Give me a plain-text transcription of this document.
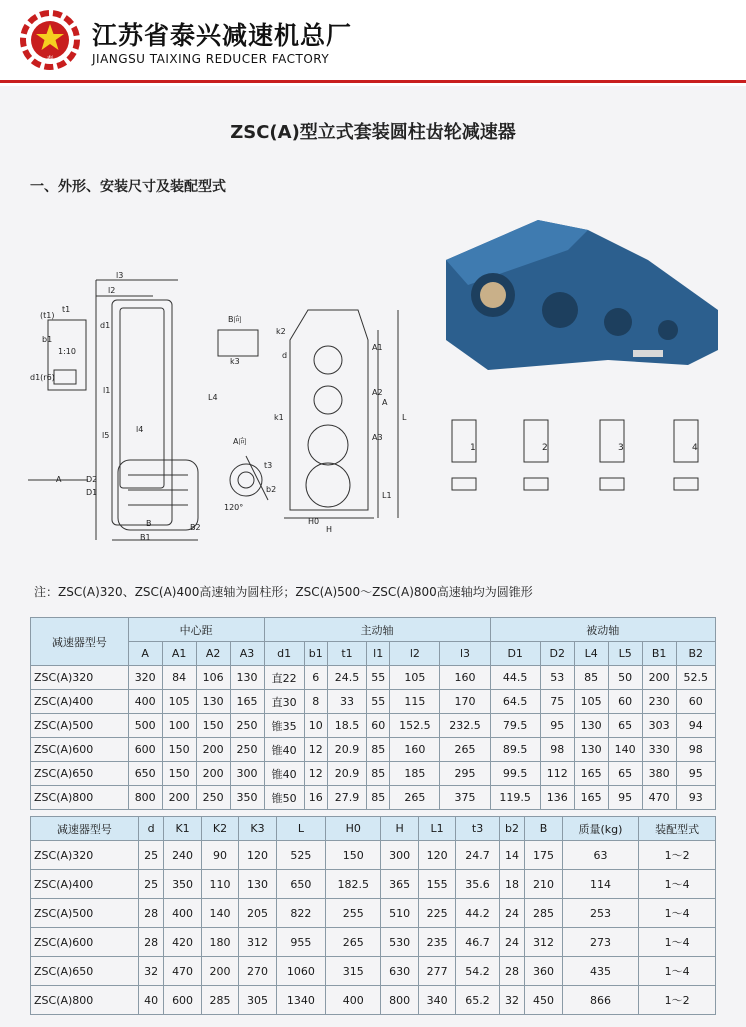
泰
江苏省泰兴减速机总厂
JIANGSU TAIXING REDUCER FACTORY
ZSC(A)型立式套装圆柱齿轮减速器
一、外形、安装尺寸及装配型式
l3
l2
l1
t1
(t1)
b1
d1
d1(r6)
1:10
l5
l4
D2
D1
B
B1
B2
A
B向
k3
A向
120°
k2
k1
d
A1
A2
A3
A
L
L1
H
H0
1	2	3	4
L4
t3
b2
注：ZSC(A)320、ZSC(A)400高速轴为圆柱形；ZSC(A)500～ZSC(A)800高速轴均为圆锥形
减速器型号	中心距				主动轴						被动轴					
	A	A1	A2	A3	d1	b1	t1	l1	l2	l3	D1	D2	L4	L5	B1	B2
ZSC(A)320	320	84	106	130	直22	6	24.5	55	105	160	44.5	53	85	50	200	52.5
ZSC(A)400	400	105	130	165	直30	8	33	55	115	170	64.5	75	105	60	230	60
ZSC(A)500	500	100	150	250	锥35	10	18.5	60	152.5	232.5	79.5	95	130	65	303	94
ZSC(A)600	600	150	200	250	锥40	12	20.9	85	160	265	89.5	98	130	140	330	98
ZSC(A)650	650	150	200	300	锥40	12	20.9	85	185	295	99.5	112	165	65	380	95
ZSC(A)800	800	200	250	350	锥50	16	27.9	85	265	375	119.5	136	165	95	470	93
减速器型号	d	K1	K2	K3	L	H0	H	L1	t3	b2	B	质量(kg)	装配型式
ZSC(A)320	25	240	90	120	525	150	300	120	24.7	14	175	63	1～2
ZSC(A)400	25	350	110	130	650	182.5	365	155	35.6	18	210	114	1～4
ZSC(A)500	28	400	140	205	822	255	510	225	44.2	24	285	253	1～4
ZSC(A)600	28	420	180	312	955	265	530	235	46.7	24	312	273	1～4
ZSC(A)650	32	470	200	270	1060	315	630	277	54.2	28	360	435	1～4
ZSC(A)800	40	600	285	305	1340	400	800	340	65.2	32	450	866	1～2
